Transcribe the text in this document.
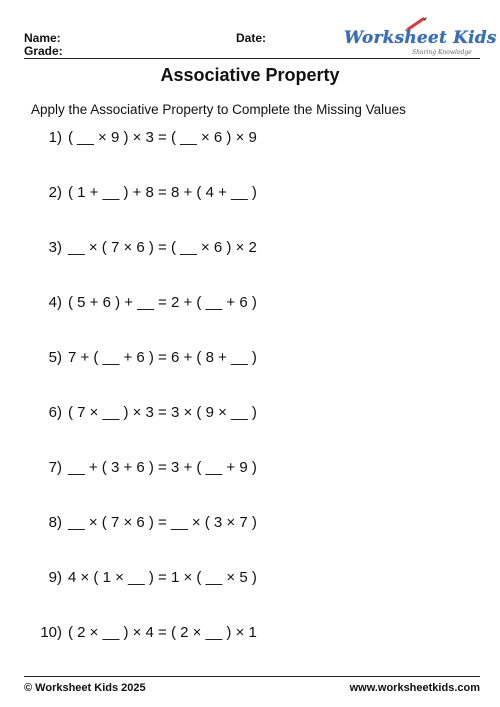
Name:
Grade:
Date:	Worksheet Kids
Sharing Knowledge
Associative Property
Apply the Associative Property to Complete the Missing Values
1) ( __ × 9 ) × 3 = ( __ × 6 ) × 9
2) ( 1 + __ ) + 8 = 8 + ( 4 + __ )
3) __ × ( 7 × 6 ) = ( __ × 6 ) × 2
4) ( 5 + 6 ) + __ = 2 + ( __ + 6 )
5) 7 + ( __ + 6 ) = 6 + ( 8 + __ )
6) ( 7 × __ ) × 3 = 3 × ( 9 × __ )
7) __ + ( 3 + 6 ) = 3 + ( __ + 9 )
8) __ × ( 7 × 6 ) = __ × ( 3 × 7 )
9) 4 × ( 1 × __ ) = 1 × ( __ × 5 )
10) ( 2 × __ ) × 4 = ( 2 × __ ) × 1
© Worksheet Kids 2025	www.worksheetkids.com
